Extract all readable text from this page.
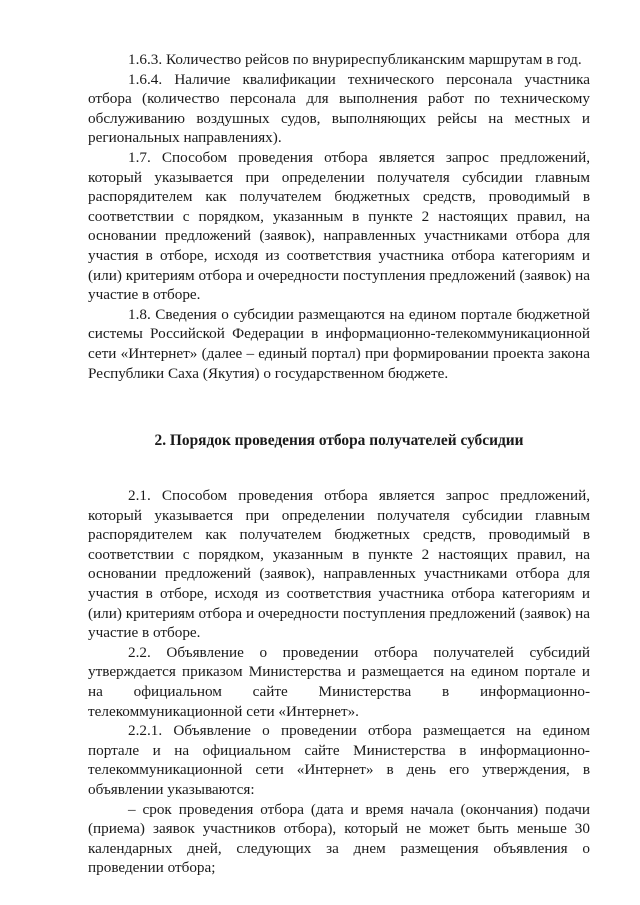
1.6.3. Количество рейсов по внуриреспубликанским маршрутам в год.

1.6.4. Наличие квалификации технического персонала участника отбора (количество персонала для выполнения работ по техническому обслуживанию воздушных судов, выполняющих рейсы на местных и региональных направлениях).

1.7. Способом проведения отбора является запрос предложений, который указывается при определении получателя субсидии главным распорядителем как получателем бюджетных средств, проводимый в соответствии с порядком, указанным в пункте 2 настоящих правил, на основании предложений (заявок), направленных участниками отбора для участия в отборе, исходя из соответствия участника отбора категориям и (или) критериям отбора и очередности поступления предложений (заявок) на участие в отборе.

1.8. Сведения о субсидии размещаются на едином портале бюджетной системы Российской Федерации в информационно-телекоммуникационной сети «Интернет» (далее – единый портал) при формировании проекта закона Республики Саха (Якутия) о государственном бюджете.

2. Порядок проведения отбора получателей субсидии

2.1. Способом проведения отбора является запрос предложений, который указывается при определении получателя субсидии главным распорядителем как получателем бюджетных средств, проводимый в соответствии с порядком, указанным в пункте 2 настоящих правил, на основании предложений (заявок), направленных участниками отбора для участия в отборе, исходя из соответствия участника отбора категориям и (или) критериям отбора и очередности поступления предложений (заявок) на участие в отборе.

2.2. Объявление о проведении отбора получателей субсидий утверждается приказом Министерства и размещается на едином портале и на официальном сайте Министерства в информационно-телекоммуникационной сети «Интернет».

2.2.1. Объявление о проведении отбора размещается на едином портале и на официальном сайте Министерства в информационно-телекоммуникационной сети «Интернет» в день его утверждения, в объявлении указываются:

– срок проведения отбора (дата и время начала (окончания) подачи (приема) заявок участников отбора), который не может быть меньше 30 календарных дней, следующих за днем размещения объявления о проведении отбора;
